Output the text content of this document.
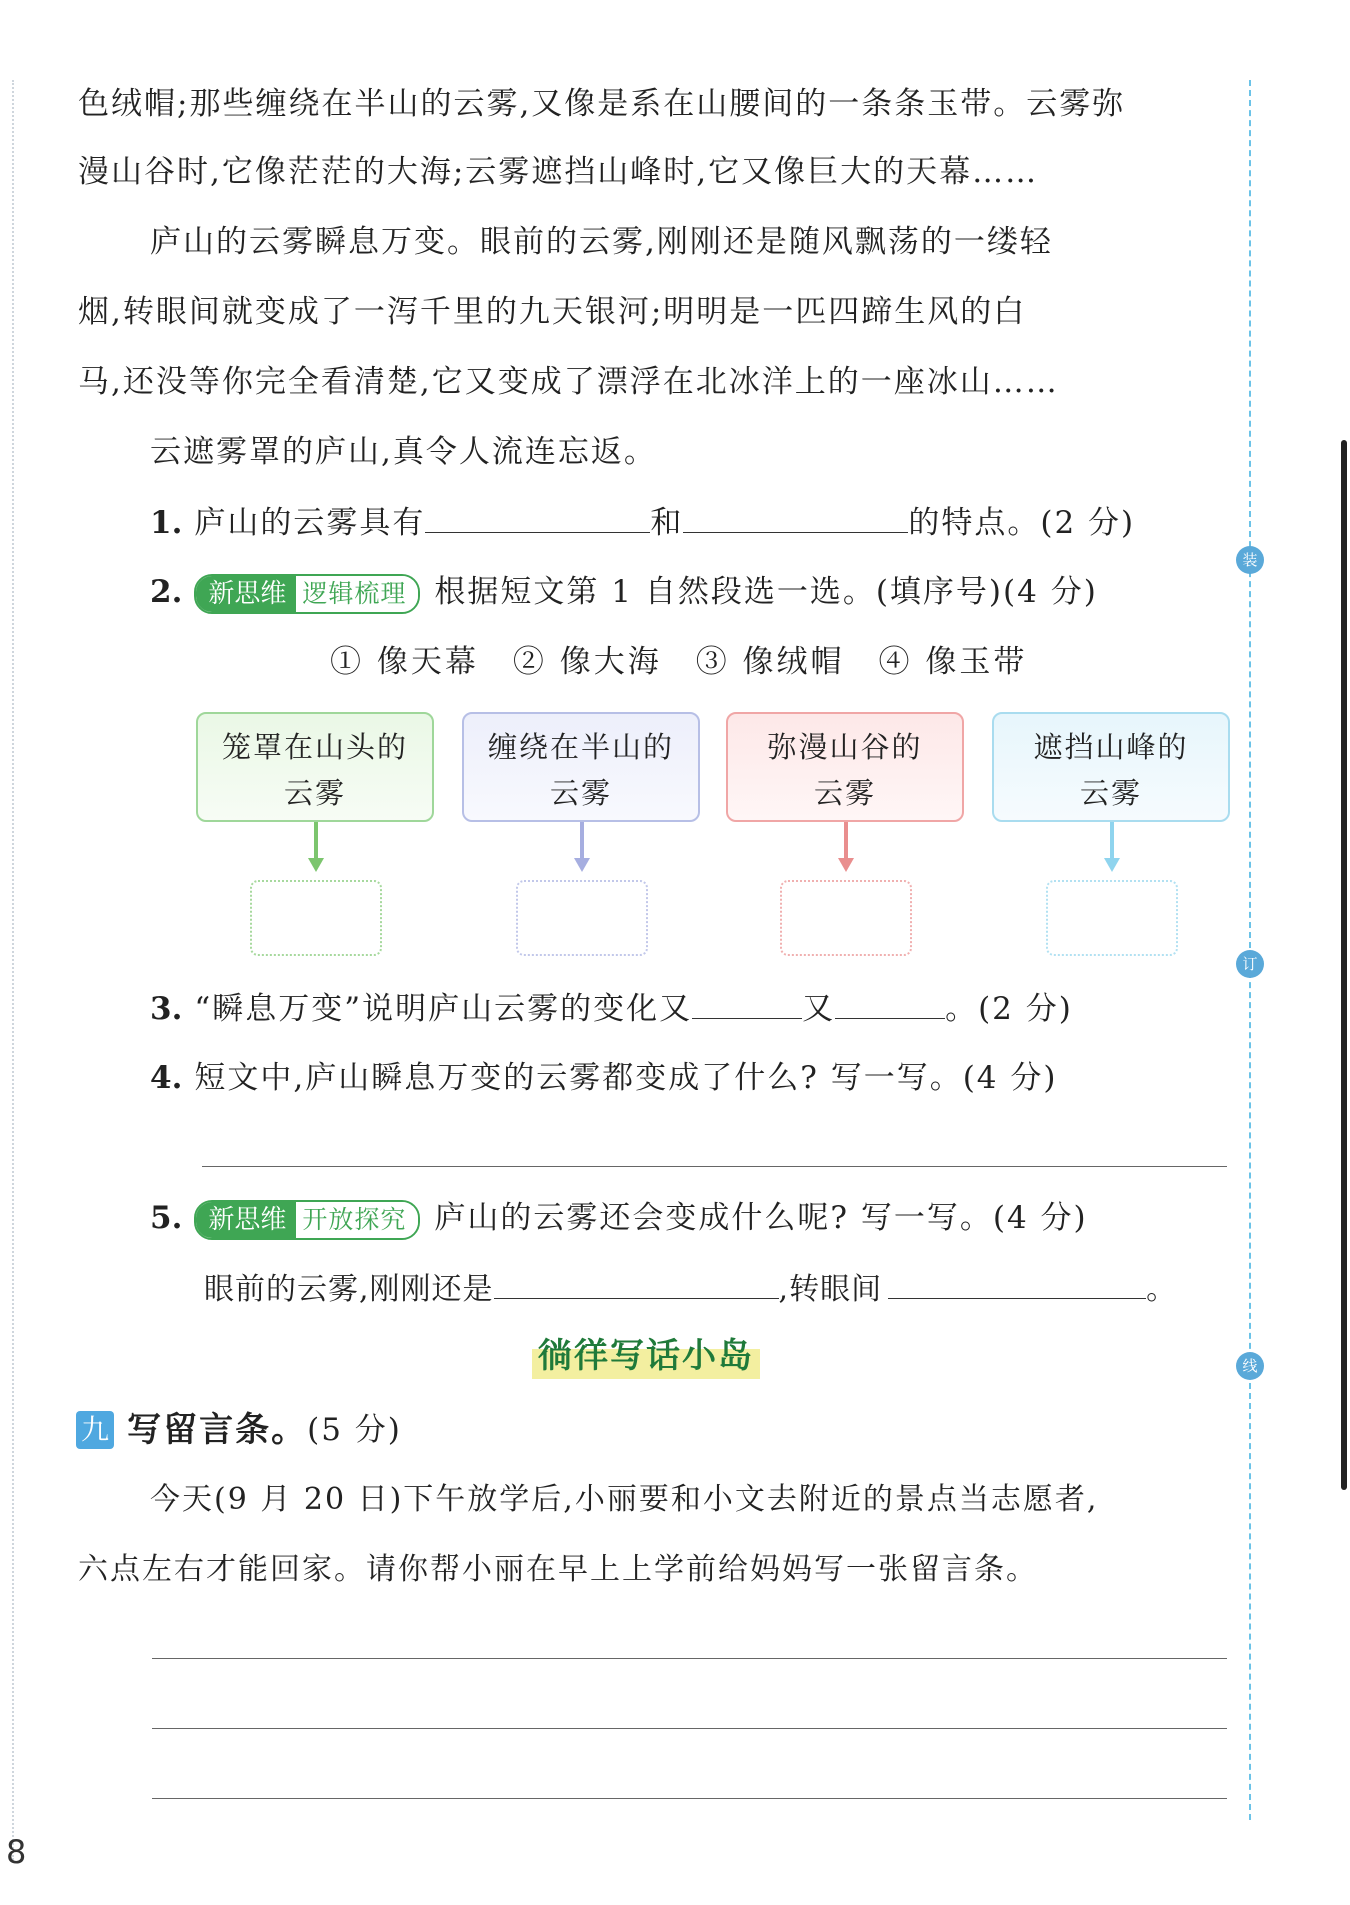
装
订
线
色绒帽;那些缠绕在半山的云雾,又像是系在山腰间的一条条玉带。云雾弥
漫山谷时,它像茫茫的大海;云雾遮挡山峰时,它又像巨大的天幕……
庐山的云雾瞬息万变。眼前的云雾,刚刚还是随风飘荡的一缕轻
烟,转眼间就变成了一泻千里的九天银河;明明是一匹四蹄生风的白
马,还没等你完全看清楚,它又变成了漂浮在北冰洋上的一座冰山……
云遮雾罩的庐山,真令人流连忘返。
1. 庐山的云雾具有	和	的特点。(2 分)
2.	新思维 逻辑梳理 根据短文第 1 自然段选一选。(填序号)(4 分)
① 像天幕　② 像大海　③ 像绒帽　④ 像玉带
笼罩在山头的
云雾
缠绕在半山的
云雾
弥漫山谷的
云雾
遮挡山峰的
云雾
3. “瞬息万变”说明庐山云雾的变化又	又	。(2 分)
4. 短文中,庐山瞬息万变的云雾都变成了什么? 写一写。(4 分)
5.	新思维 开放探究 庐山的云雾还会变成什么呢? 写一写。(4 分)
眼前的云雾,刚刚还是	,转眼间	。
徜徉写话小岛
九 写留言条。(5 分)
今天(9 月 20 日)下午放学后,小丽要和小文去附近的景点当志愿者,
六点左右才能回家。请你帮小丽在早上上学前给妈妈写一张留言条。
8
